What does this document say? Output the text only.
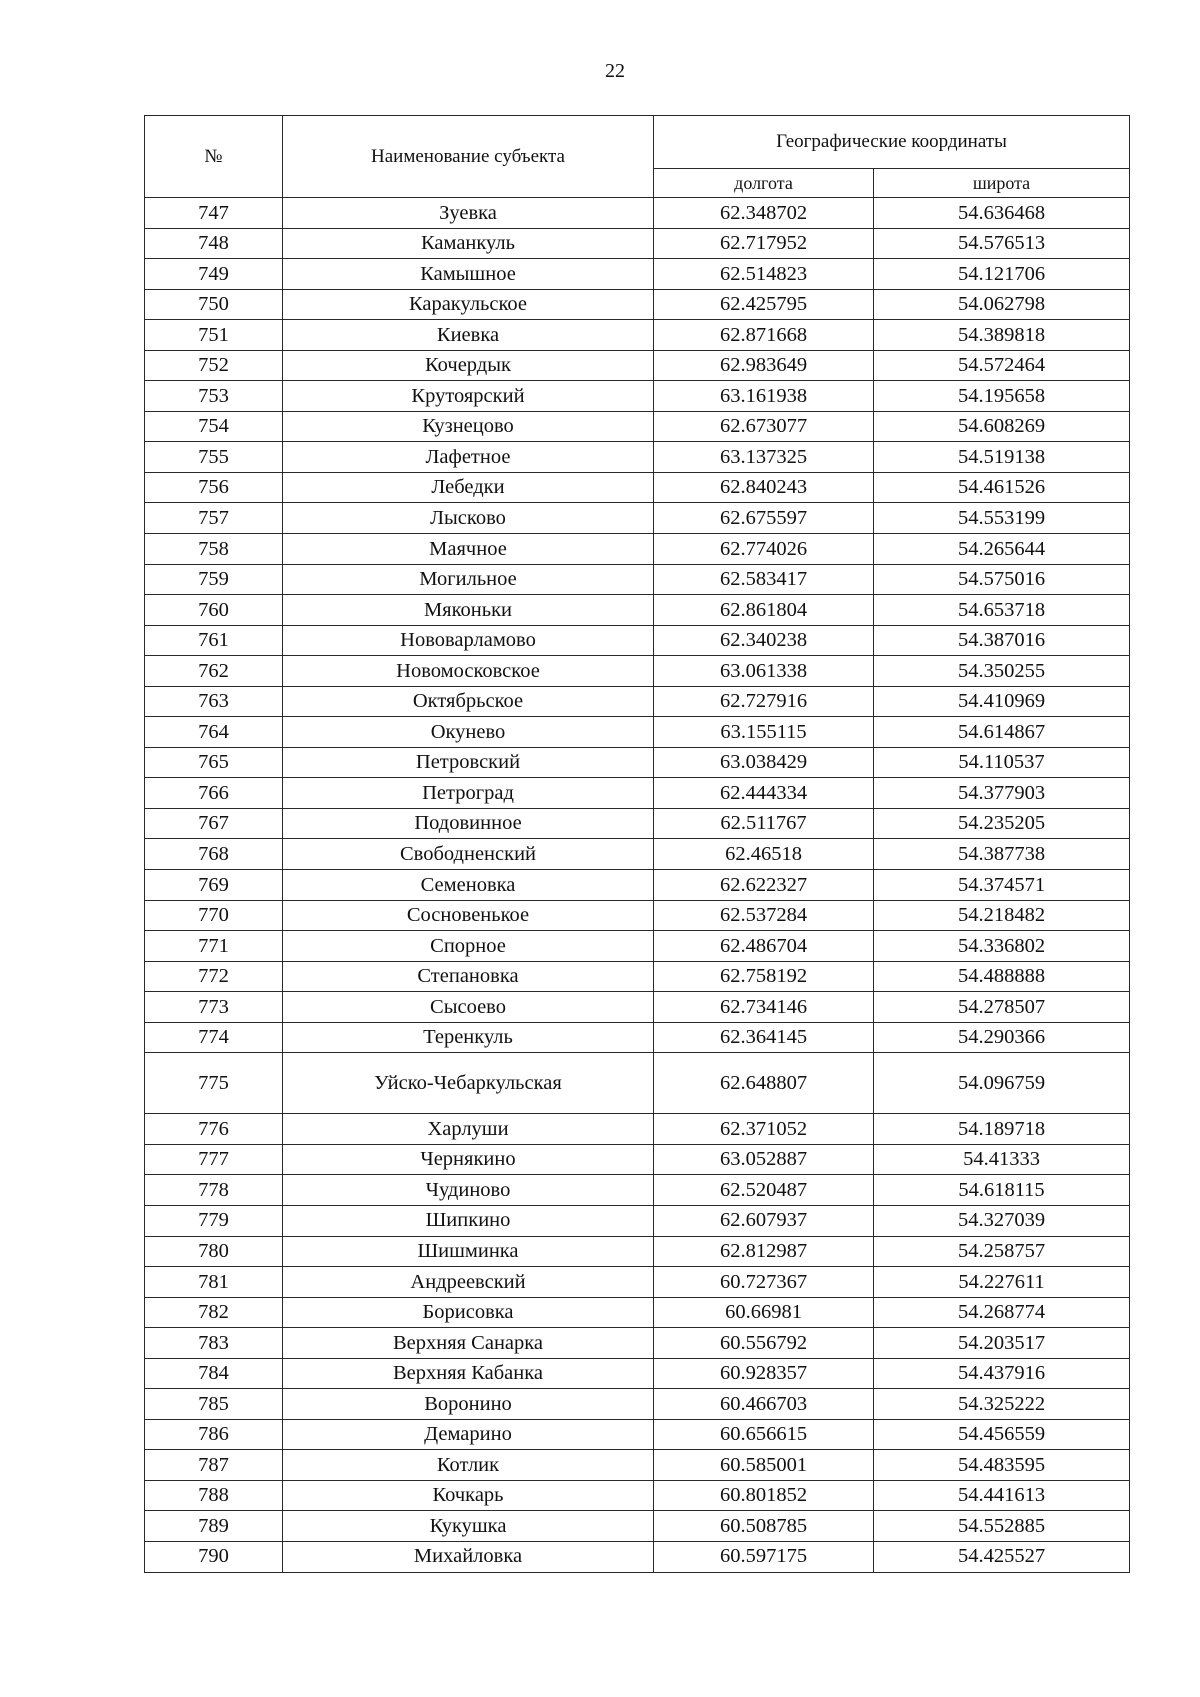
22
№	Наименование субъекта	Географические координаты	
		долгота	широта
747	Зуевка	62.348702	54.636468
748	Каманкуль	62.717952	54.576513
749	Камышное	62.514823	54.121706
750	Каракульское	62.425795	54.062798
751	Киевка	62.871668	54.389818
752	Кочердык	62.983649	54.572464
753	Крутоярский	63.161938	54.195658
754	Кузнецово	62.673077	54.608269
755	Лафетное	63.137325	54.519138
756	Лебедки	62.840243	54.461526
757	Лысково	62.675597	54.553199
758	Маячное	62.774026	54.265644
759	Могильное	62.583417	54.575016
760	Мяконьки	62.861804	54.653718
761	Нововарламово	62.340238	54.387016
762	Новомосковское	63.061338	54.350255
763	Октябрьское	62.727916	54.410969
764	Окунево	63.155115	54.614867
765	Петровский	63.038429	54.110537
766	Петроград	62.444334	54.377903
767	Подовинное	62.511767	54.235205
768	Свободненский	62.46518	54.387738
769	Семеновка	62.622327	54.374571
770	Сосновенькое	62.537284	54.218482
771	Спорное	62.486704	54.336802
772	Степановка	62.758192	54.488888
773	Сысоево	62.734146	54.278507
774	Теренкуль	62.364145	54.290366
775	Уйско-Чебаркульская	62.648807	54.096759
776	Харлуши	62.371052	54.189718
777	Чернякино	63.052887	54.41333
778	Чудиново	62.520487	54.618115
779	Шипкино	62.607937	54.327039
780	Шишминка	62.812987	54.258757
781	Андреевский	60.727367	54.227611
782	Борисовка	60.66981	54.268774
783	Верхняя Санарка	60.556792	54.203517
784	Верхняя Кабанка	60.928357	54.437916
785	Воронино	60.466703	54.325222
786	Демарино	60.656615	54.456559
787	Котлик	60.585001	54.483595
788	Кочкарь	60.801852	54.441613
789	Кукушка	60.508785	54.552885
790	Михайловка	60.597175	54.425527
